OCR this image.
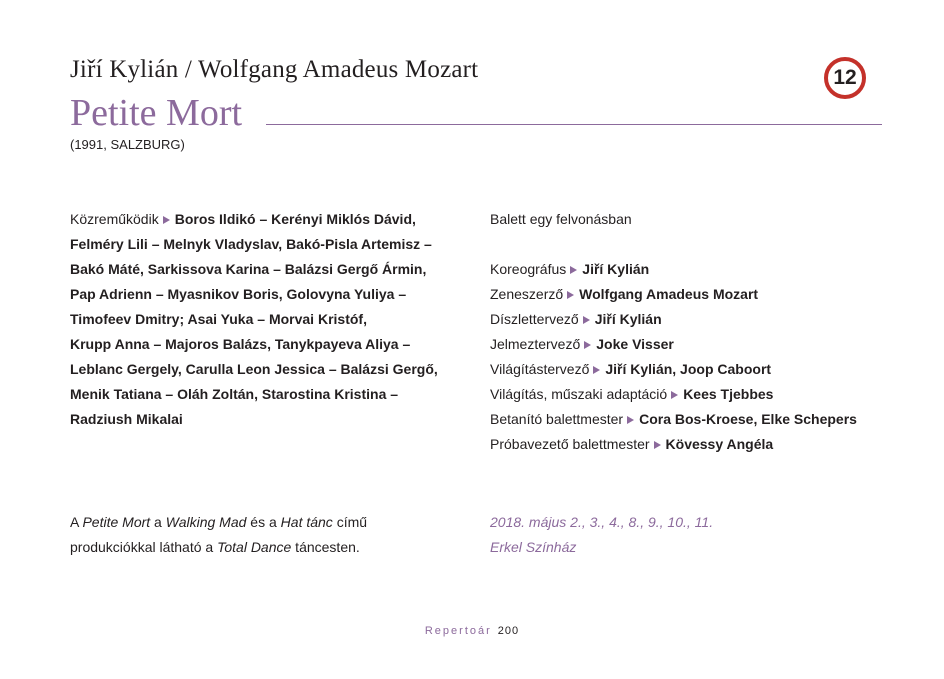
Jiří Kylián / Wolfgang Amadeus Mozart
Petite Mort
12
(1991, SALZBURG)
Közreműködik Boros Ildikó – Kerényi Miklós Dávid,
Felméry Lili – Melnyk Vladyslav, Bakó-Pisla Artemisz –
Bakó Máté, Sarkissova Karina – Balázsi Gergő Ármin,
Pap Adrienn – Myasnikov Boris, Golovyna Yuliya –
Timofeev Dmitry; Asai Yuka – Morvai Kristóf,
Krupp Anna – Majoros Balázs, Tanykpayeva Aliya –
Leblanc Gergely, Carulla Leon Jessica – Balázsi Gergő,
Menik Tatiana – Oláh Zoltán, Starostina Kristina –
Radziush Mikalai
Balett egy felvonásban
Koreográfus Jiří Kylián
Zeneszerző Wolfgang Amadeus Mozart
Díszlettervező Jiří Kylián
Jelmeztervező Joke Visser
Világítástervező Jiří Kylián, Joop Caboort
Világítás, műszaki adaptáció Kees Tjebbes
Betanító balettmester Cora Bos-Kroese, Elke Schepers
Próbavezető balettmester Kövessy Angéla
A Petite Mort a Walking Mad és a Hat tánc című
produkciókkal látható a Total Dance táncesten.
2018. május 2., 3., 4., 8., 9., 10., 11.
Erkel Színház
Repertoár 200
